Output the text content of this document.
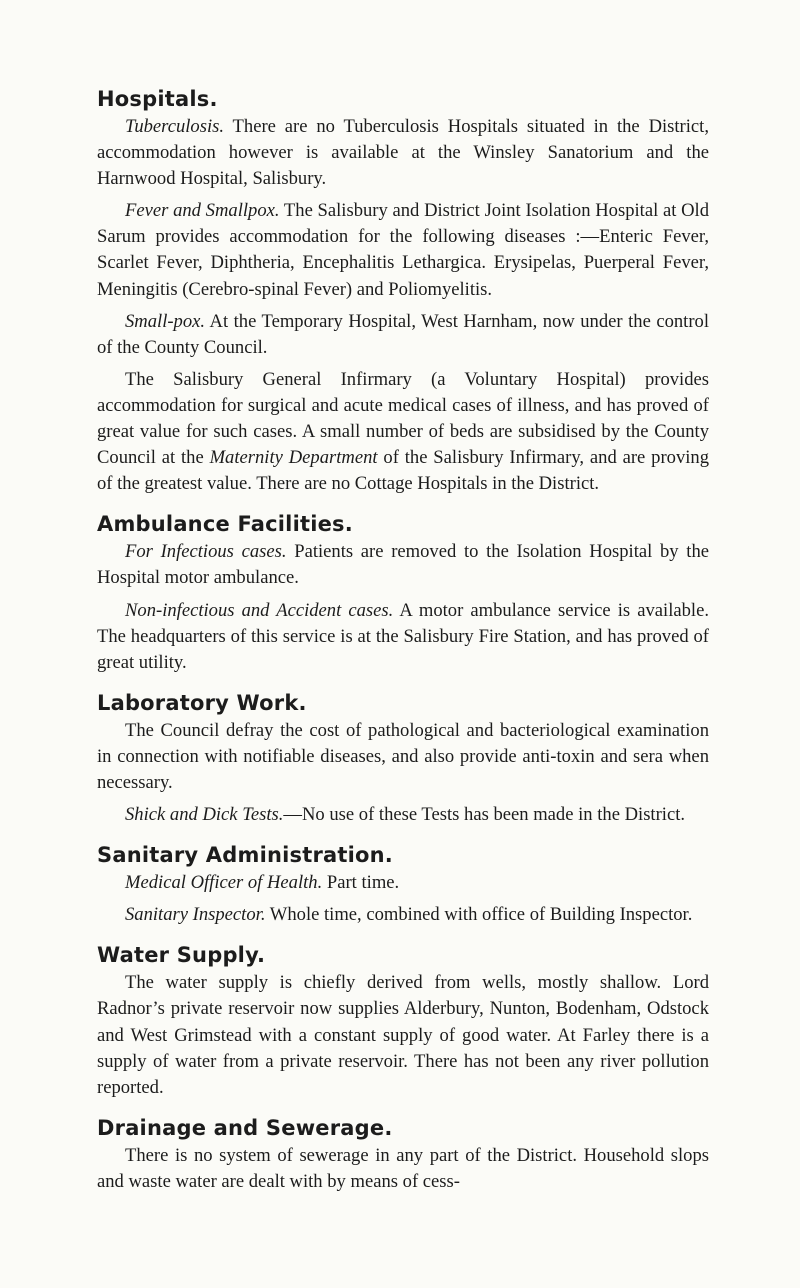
Hospitals.

Tuberculosis. There are no Tuberculosis Hospitals situated in the District, accommodation however is available at the Winsley Sanatorium and the Harnwood Hospital, Salisbury.

Fever and Smallpox. The Salisbury and District Joint Isolation Hospital at Old Sarum provides accommodation for the following diseases :—Enteric Fever, Scarlet Fever, Diphtheria, Encephalitis Lethargica. Erysipelas, Puerperal Fever, Meningitis (Cerebro-spinal Fever) and Poliomyelitis.

Small-pox. At the Temporary Hospital, West Harnham, now under the control of the County Council.

The Salisbury General Infirmary (a Voluntary Hospital) provides accommodation for surgical and acute medical cases of illness, and has proved of great value for such cases. A small number of beds are subsidised by the County Council at the Maternity Department of the Salisbury Infirmary, and are proving of the greatest value. There are no Cottage Hospitals in the District.

Ambulance Facilities.

For Infectious cases. Patients are removed to the Isolation Hospital by the Hospital motor ambulance.

Non-infectious and Accident cases. A motor ambulance service is available. The headquarters of this service is at the Salisbury Fire Station, and has proved of great utility.

Laboratory Work.

The Council defray the cost of pathological and bacteriological examination in connection with notifiable diseases, and also provide anti-toxin and sera when necessary.

Shick and Dick Tests.—No use of these Tests has been made in the District.

Sanitary Administration.

Medical Officer of Health. Part time.

Sanitary Inspector. Whole time, combined with office of Building Inspector.

Water Supply.

The water supply is chiefly derived from wells, mostly shallow. Lord Radnor’s private reservoir now supplies Alderbury, Nunton, Bodenham, Odstock and West Grimstead with a constant supply of good water. At Farley there is a supply of water from a private reservoir. There has not been any river pollution reported.

Drainage and Sewerage.

There is no system of sewerage in any part of the District. Household slops and waste water are dealt with by means of cess-
